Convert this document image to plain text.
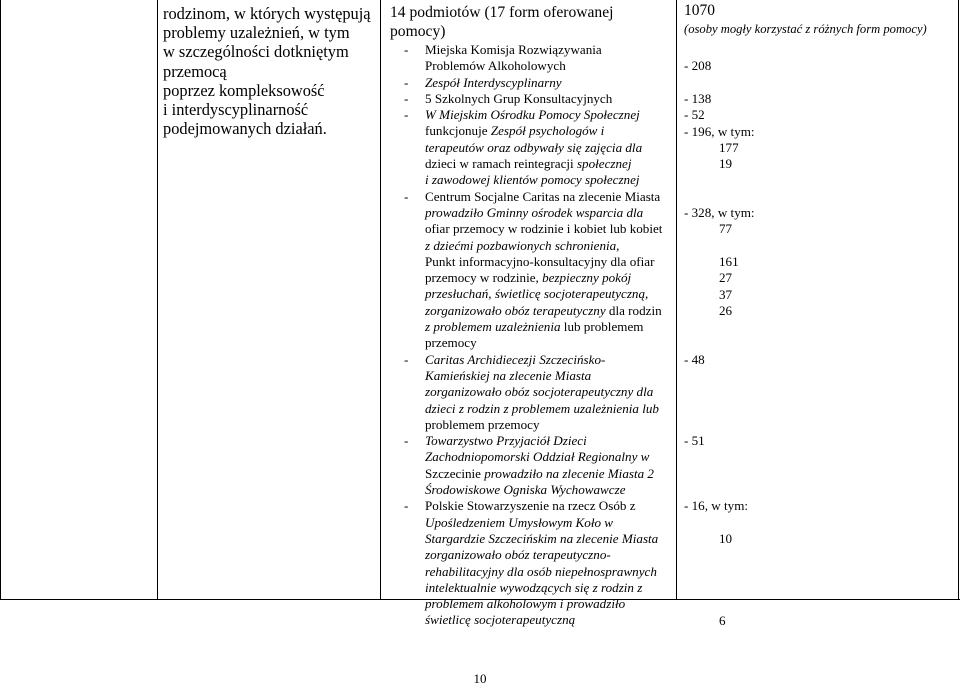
rodzinom, w których występują
problemy uzależnień, w tym
w szczególności dotkniętym
przemocą
poprzez kompleksowość
i interdyscyplinarność
podejmowanych działań.
14 podmiotów (17 form oferowanej
pomocy)
- Miejska Komisja Rozwiązywania
Problemów Alkoholowych
- Zespół Interdyscyplinarny
- 5 Szkolnych Grup Konsultacyjnych
- W Miejskim Ośrodku Pomocy Społecznej
funkcjonuje Zespół psychologów i
terapeutów oraz odbywały się zajęcia dla
dzieci w ramach reintegracji społecznej
i zawodowej klientów pomocy społecznej
- Centrum Socjalne Caritas na zlecenie Miasta
prowadziło Gminny ośrodek wsparcia dla
ofiar przemocy w rodzinie i kobiet lub kobiet
z dziećmi pozbawionych schronienia,
Punkt informacyjno-konsultacyjny dla ofiar
przemocy w rodzinie, bezpieczny pokój
przesłuchań, świetlicę socjoterapeutyczną,
zorganizowało obóz terapeutyczny dla rodzin
z problemem uzależnienia lub problemem
przemocy
- Caritas Archidiecezji Szczecińsko-
Kamieńskiej na zlecenie Miasta
zorganizowało obóz socjoterapeutyczny dla
dzieci z rodzin z problemem uzależnienia lub
problemem przemocy
- Towarzystwo Przyjaciół Dzieci
Zachodniopomorski Oddział Regionalny w
Szczecinie prowadziło na zlecenie Miasta 2
Środowiskowe Ogniska Wychowawcze
- Polskie Stowarzyszenie na rzecz Osób z
Upośledzeniem Umysłowym Koło w
Stargardzie Szczecińskim na zlecenie Miasta
zorganizowało obóz terapeutyczno-
rehabilitacyjny dla osób niepełnosprawnych
intelektualnie wywodzących się z rodzin z
problemem alkoholowym i prowadziło
świetlicę socjoterapeutyczną
1070
(osoby mogły korzystać z różnych form pomocy)
- 208
- 138
- 52
- 196, w tym:
177
19
- 328, w tym:
77
161
27
37
26
- 48
- 51
- 16, w tym:
10
6
10
